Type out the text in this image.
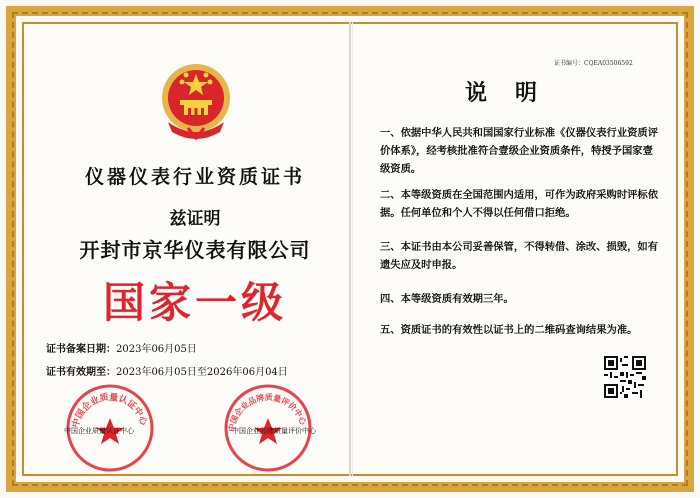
仪器仪表行业资质证书
兹证明
开封市京华仪表有限公司
国家一级
证书备案日期：2023年06月05日
证书有效期至：2023年06月05日至2026年06月04日
中国企业质量认证中心
中国企业品牌质量评价中心
中国企业质量认证中心	中国企业品牌质量评价中心
证书编号：CQEA03506592
说明
一、依据中华人民共和国国家行业标准《仪器仪表行业资质评价体系》，经考核批准符合壹级企业资质条件，特授予国家壹级资质。
二、本等级资质在全国范围内适用，可作为政府采购时评标依据。任何单位和个人不得以任何借口拒绝。
三、本证书由本公司妥善保管，不得转借、涂改、损毁，如有遗失应及时申报。
四、本等级资质有效期三年。
五、资质证书的有效性以证书上的二维码查询结果为准。
